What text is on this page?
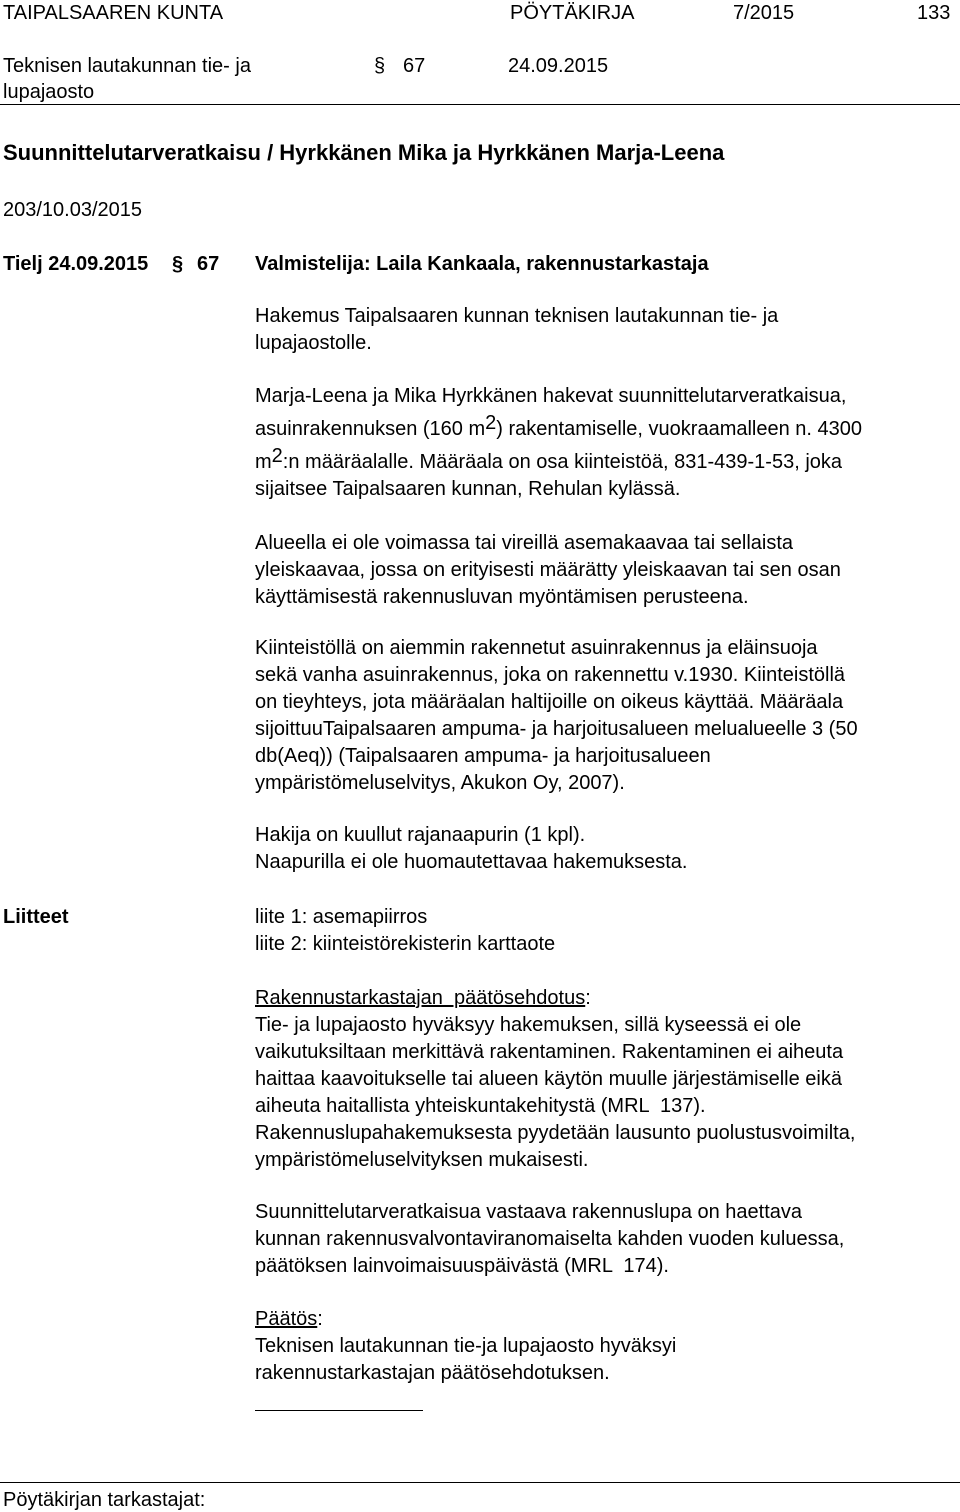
TAIPALSAAREN KUNTA	PÖYTÄKIRJA	7/2015	133
Teknisen lautakunnan tie- ja
lupajaosto
§ 67	24.09.2015
Suunnittelutarveratkaisu / Hyrkkänen Mika ja Hyrkkänen Marja-Leena
203/10.03/2015
Tielj 24.09.2015 § 67 Valmistelija: Laila Kankaala, rakennustarkastaja
Hakemus Taipalsaaren kunnan teknisen lautakunnan tie- ja
lupajaostolle.
Marja-Leena ja Mika Hyrkkänen hakevat suunnittelutarveratkaisua,
asuinrakennuksen (160 m2) rakentamiselle, vuokraamalleen n. 4300
m2:n määräalalle. Määräala on osa kiinteistöä, 831-439-1-53, joka
sijaitsee Taipalsaaren kunnan, Rehulan kylässä.
Alueella ei ole voimassa tai vireillä asemakaavaa tai sellaista
yleiskaavaa, jossa on erityisesti määrätty yleiskaavan tai sen osan
käyttämisestä rakennusluvan myöntämisen perusteena.
Kiinteistöllä on aiemmin rakennetut asuinrakennus ja eläinsuoja
sekä vanha asuinrakennus, joka on rakennettu v.1930. Kiinteistöllä
on tieyhteys, jota määräalan haltijoille on oikeus käyttää. Määräala
sijoittuuTaipalsaaren ampuma- ja harjoitusalueen melualueelle 3 (50
db(Aeq)) (Taipalsaaren ampuma- ja harjoitusalueen
ympäristömeluselvitys, Akukon Oy, 2007).
Hakija on kuullut rajanaapurin (1 kpl).
Naapurilla ei ole huomautettavaa hakemuksesta.
Liitteet	liite 1: asemapiirros
liite 2: kiinteistörekisterin karttaote
Rakennustarkastajan  päätösehdotus:
Tie- ja lupajaosto hyväksyy hakemuksen, sillä kyseessä ei ole
vaikutuksiltaan merkittävä rakentaminen. Rakentaminen ei aiheuta
haittaa kaavoitukselle tai alueen käytön muulle järjestämiselle eikä
aiheuta haitallista yhteiskuntakehitystä (MRL  137).
Rakennuslupahakemuksesta pyydetään lausunto puolustusvoimilta,
ympäristömeluselvityksen mukaisesti.
Suunnittelutarveratkaisua vastaava rakennuslupa on haettava
kunnan rakennusvalvontaviranomaiselta kahden vuoden kuluessa,
päätöksen lainvoimaisuuspäivästä (MRL  174).
Päätös:
Teknisen lautakunnan tie-ja lupajaosto hyväksyi
rakennustarkastajan päätösehdotuksen.
Pöytäkirjan tarkastajat:
